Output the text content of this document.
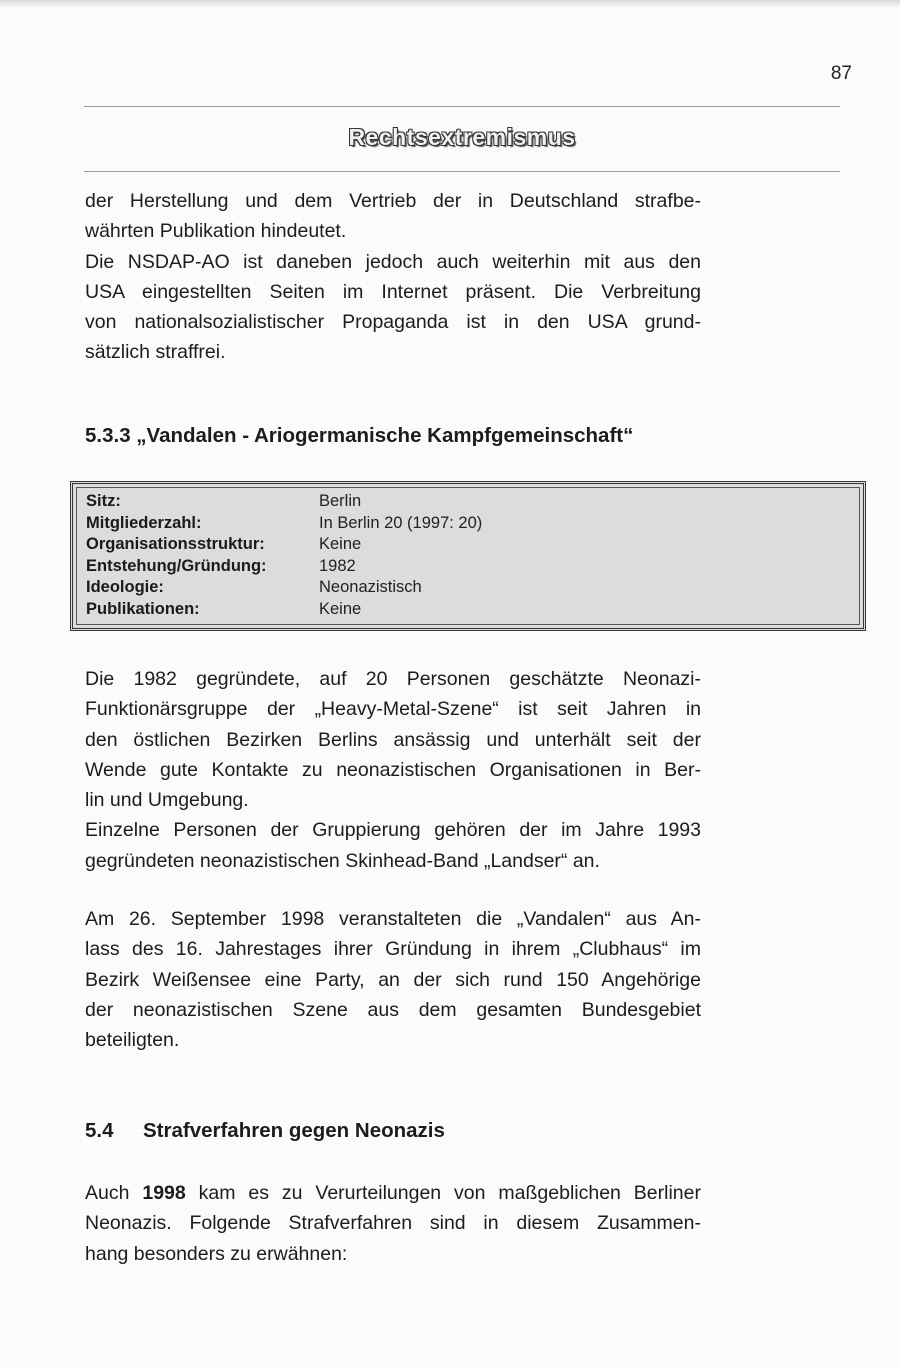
87
Rechtsextremismus
der Herstellung und dem Vertrieb der in Deutschland strafbe-
währten Publikation hindeutet.
Die NSDAP-AO ist daneben jedoch auch weiterhin mit aus den
USA eingestellten Seiten im Internet präsent. Die Verbreitung
von nationalsozialistischer Propaganda ist in den USA grund-
sätzlich straffrei.
5.3.3 „Vandalen - Ariogermanische Kampfgemeinschaft“
Sitz:	Berlin
Mitgliederzahl:	In Berlin 20 (1997: 20)
Organisationsstruktur:	Keine
Entstehung/Gründung:	1982
Ideologie:	Neonazistisch
Publikationen:	Keine
Die 1982 gegründete, auf 20 Personen geschätzte Neonazi-
Funktionärsgruppe der „Heavy-Metal-Szene“ ist seit Jahren in
den östlichen Bezirken Berlins ansässig und unterhält seit der
Wende gute Kontakte zu neonazistischen Organisationen in Ber-
lin und Umgebung.
Einzelne Personen der Gruppierung gehören der im Jahre 1993
gegründeten neonazistischen Skinhead-Band „Landser“ an.
Am 26. September 1998 veranstalteten die „Vandalen“ aus An-
lass des 16. Jahrestages ihrer Gründung in ihrem „Clubhaus“ im
Bezirk Weißensee eine Party, an der sich rund 150 Angehörige
der neonazistischen Szene aus dem gesamten Bundesgebiet
beteiligten.
5.4	Strafverfahren gegen Neonazis
Auch 1998 kam es zu Verurteilungen von maßgeblichen Berliner
Neonazis. Folgende Strafverfahren sind in diesem Zusammen-
hang besonders zu erwähnen:
